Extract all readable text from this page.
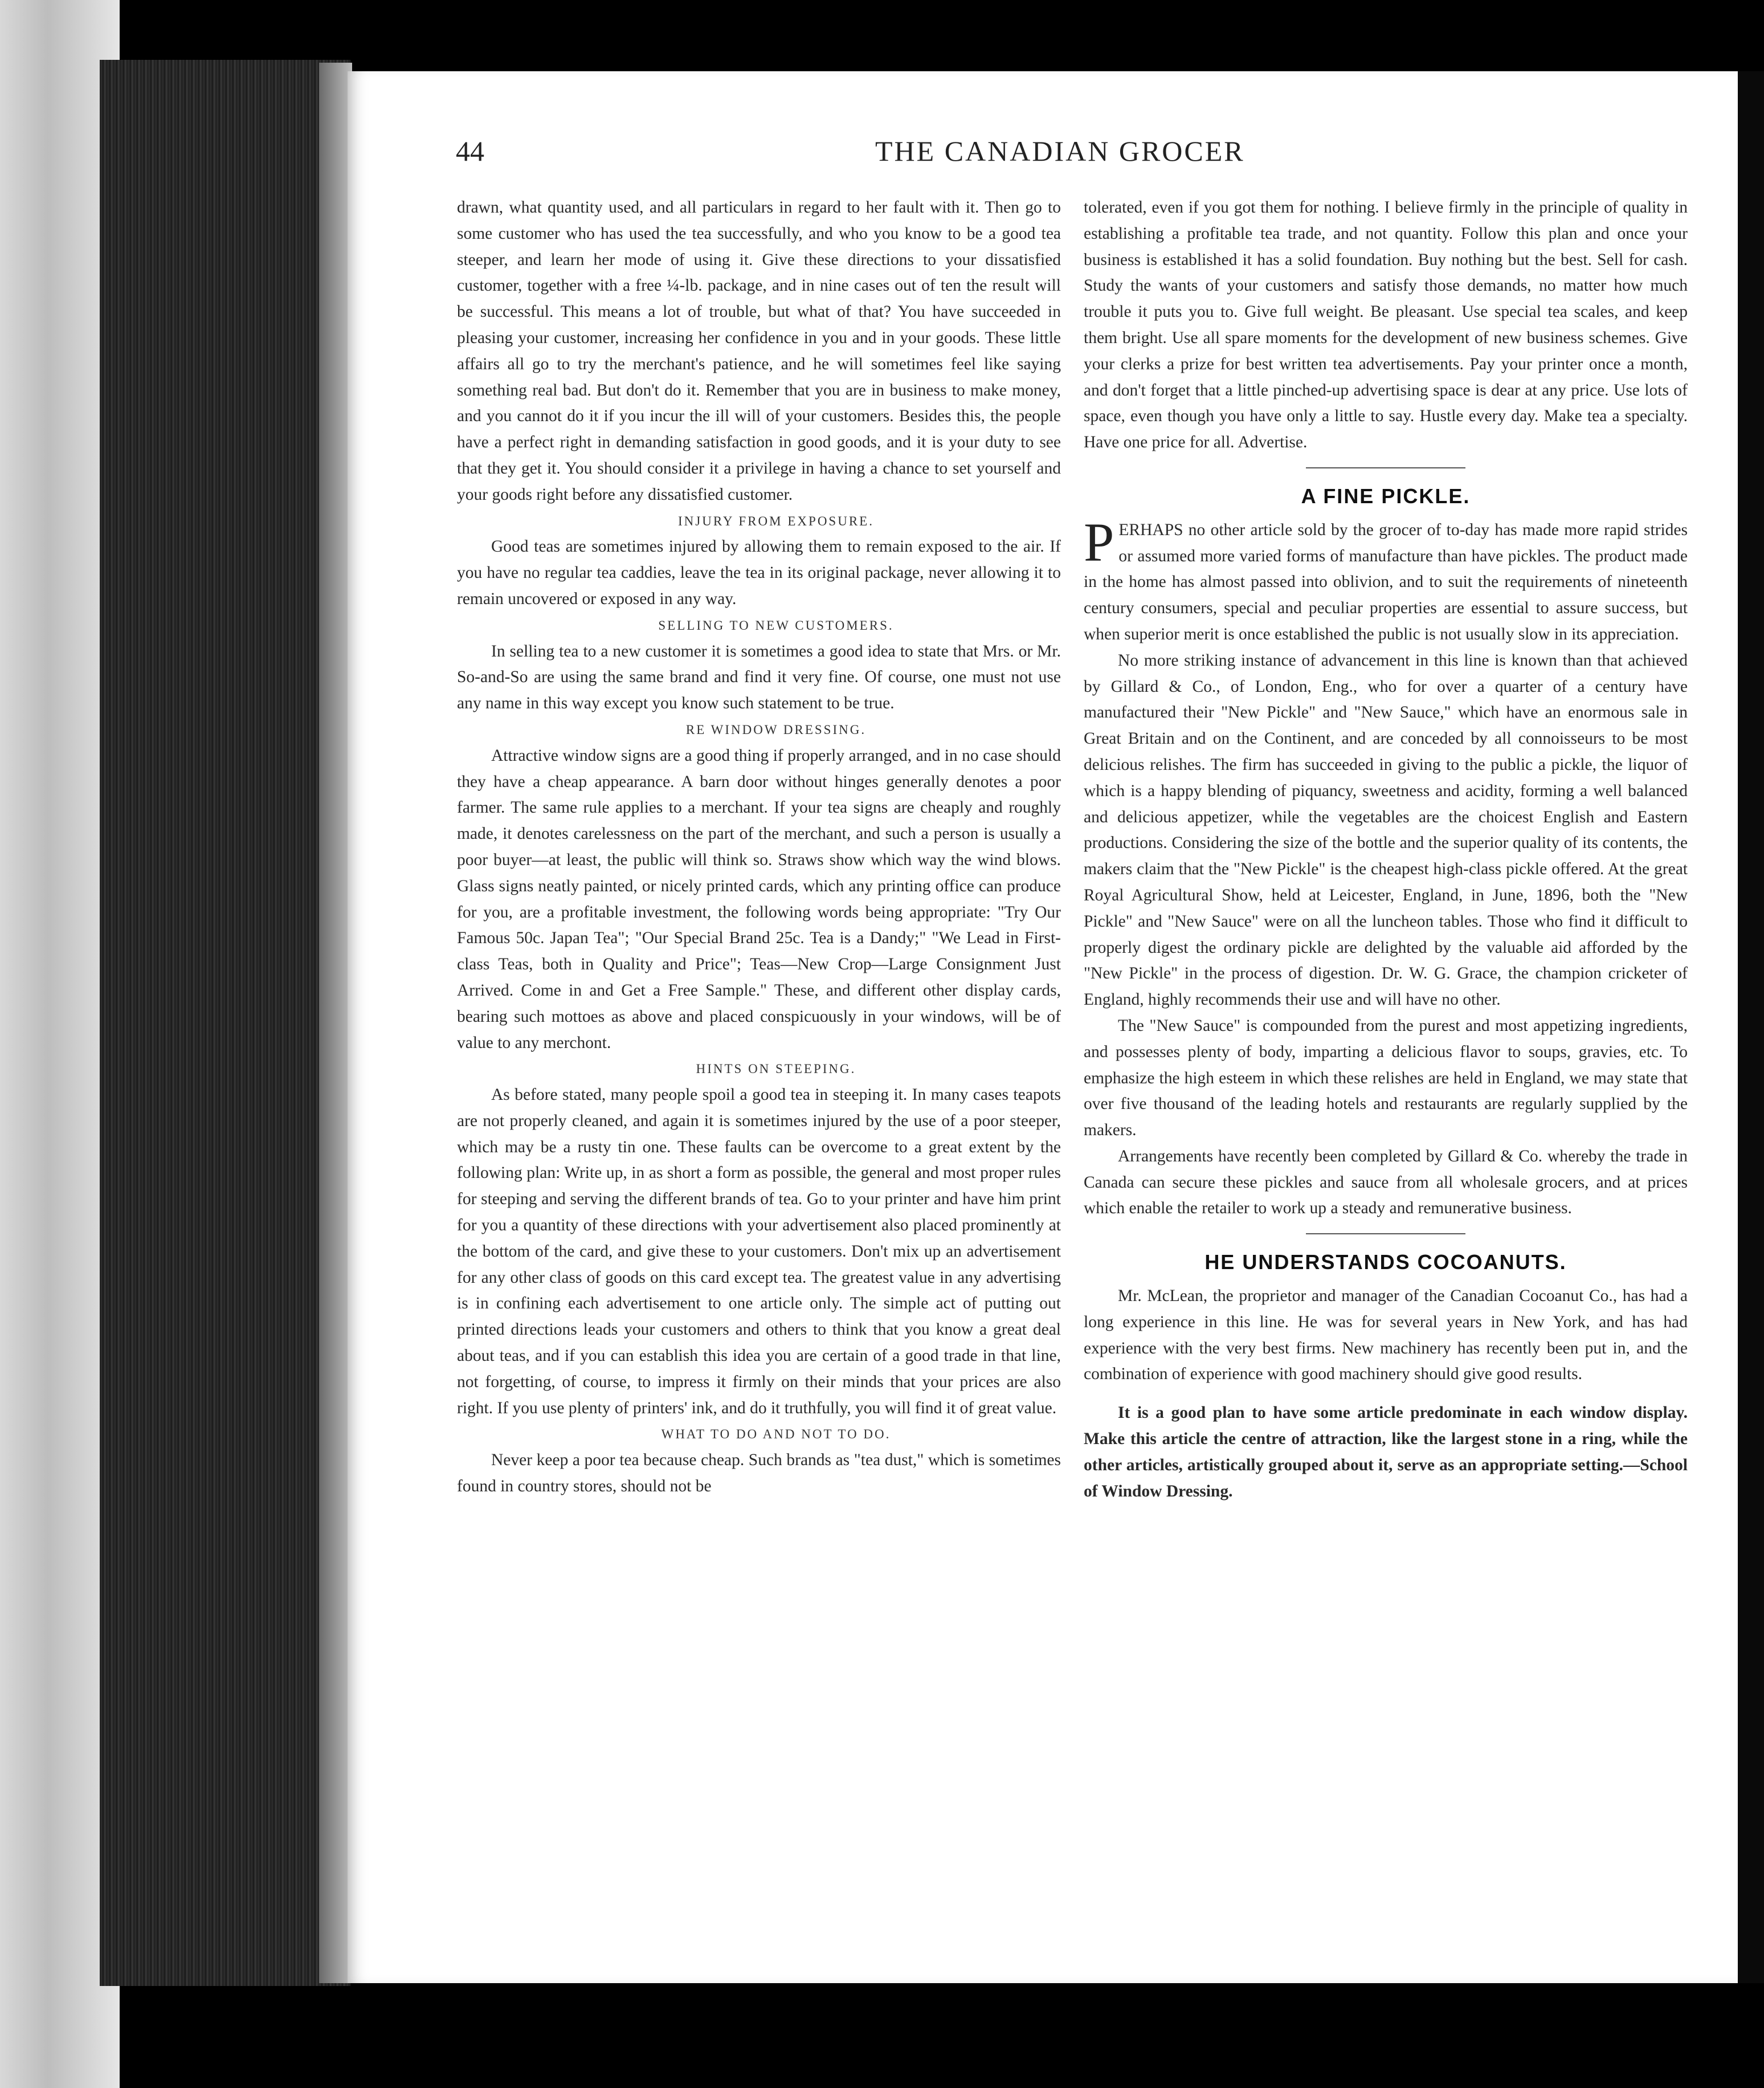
44	THE CANADIAN GROCER

drawn, what quantity used, and all particulars in regard to her fault with it. Then go to some customer who has used the tea successfully, and who you know to be a good tea steeper, and learn her mode of using it. Give these directions to your dissatisfied customer, together with a free ¼-lb. package, and in nine cases out of ten the result will be successful. This means a lot of trouble, but what of that? You have succeeded in pleasing your customer, increasing her confidence in you and in your goods. These little affairs all go to try the merchant's patience, and he will sometimes feel like saying something real bad. But don't do it. Remember that you are in business to make money, and you cannot do it if you incur the ill will of your customers. Besides this, the people have a perfect right in demanding satisfaction in good goods, and it is your duty to see that they get it. You should consider it a privilege in having a chance to set yourself and your goods right before any dissatisfied customer.

INJURY FROM EXPOSURE.

Good teas are sometimes injured by allowing them to remain exposed to the air. If you have no regular tea caddies, leave the tea in its original package, never allowing it to remain uncovered or exposed in any way.

SELLING TO NEW CUSTOMERS.

In selling tea to a new customer it is sometimes a good idea to state that Mrs. or Mr. So-and-So are using the same brand and find it very fine. Of course, one must not use any name in this way except you know such statement to be true.

RE WINDOW DRESSING.

Attractive window signs are a good thing if properly arranged, and in no case should they have a cheap appearance. A barn door without hinges generally denotes a poor farmer. The same rule applies to a merchant. If your tea signs are cheaply and roughly made, it denotes carelessness on the part of the merchant, and such a person is usually a poor buyer—at least, the public will think so. Straws show which way the wind blows. Glass signs neatly painted, or nicely printed cards, which any printing office can produce for you, are a profitable investment, the following words being appropriate: "Try Our Famous 50c. Japan Tea"; "Our Special Brand 25c. Tea is a Dandy;" "We Lead in First-class Teas, both in Quality and Price"; Teas—New Crop—Large Consignment Just Arrived. Come in and Get a Free Sample." These, and different other display cards, bearing such mottoes as above and placed conspicuously in your windows, will be of value to any merchont.

HINTS ON STEEPING.

As before stated, many people spoil a good tea in steeping it. In many cases teapots are not properly cleaned, and again it is sometimes injured by the use of a poor steeper, which may be a rusty tin one. These faults can be overcome to a great extent by the following plan: Write up, in as short a form as possible, the general and most proper rules for steeping and serving the different brands of tea. Go to your printer and have him print for you a quantity of these directions with your advertisement also placed prominently at the bottom of the card, and give these to your customers. Don't mix up an advertisement for any other class of goods on this card except tea. The greatest value in any advertising is in confining each advertisement to one article only. The simple act of putting out printed directions leads your customers and others to think that you know a great deal about teas, and if you can establish this idea you are certain of a good trade in that line, not forgetting, of course, to impress it firmly on their minds that your prices are also right. If you use plenty of printers' ink, and do it truthfully, you will find it of great value.

WHAT TO DO AND NOT TO DO.

Never keep a poor tea because cheap. Such brands as "tea dust," which is sometimes found in country stores, should not be

tolerated, even if you got them for nothing. I believe firmly in the principle of quality in establishing a profitable tea trade, and not quantity. Follow this plan and once your business is established it has a solid foundation. Buy nothing but the best. Sell for cash. Study the wants of your customers and satisfy those demands, no matter how much trouble it puts you to. Give full weight. Be pleasant. Use special tea scales, and keep them bright. Use all spare moments for the development of new business schemes. Give your clerks a prize for best written tea advertisements. Pay your printer once a month, and don't forget that a little pinched-up advertising space is dear at any price. Use lots of space, even though you have only a little to say. Hustle every day. Make tea a specialty. Have one price for all. Advertise.

A FINE PICKLE.

PERHAPS no other article sold by the grocer of to-day has made more rapid strides or assumed more varied forms of manufacture than have pickles. The product made in the home has almost passed into oblivion, and to suit the requirements of nineteenth century consumers, special and peculiar properties are essential to assure success, but when superior merit is once established the public is not usually slow in its appreciation.

No more striking instance of advancement in this line is known than that achieved by Gillard & Co., of London, Eng., who for over a quarter of a century have manufactured their "New Pickle" and "New Sauce," which have an enormous sale in Great Britain and on the Continent, and are conceded by all connoisseurs to be most delicious relishes. The firm has succeeded in giving to the public a pickle, the liquor of which is a happy blending of piquancy, sweetness and acidity, forming a well balanced and delicious appetizer, while the vegetables are the choicest English and Eastern productions. Considering the size of the bottle and the superior quality of its contents, the makers claim that the "New Pickle" is the cheapest high-class pickle offered. At the great Royal Agricultural Show, held at Leicester, England, in June, 1896, both the "New Pickle" and "New Sauce" were on all the luncheon tables. Those who find it difficult to properly digest the ordinary pickle are delighted by the valuable aid afforded by the "New Pickle" in the process of digestion. Dr. W. G. Grace, the champion cricketer of England, highly recommends their use and will have no other.

The "New Sauce" is compounded from the purest and most appetizing ingredients, and possesses plenty of body, imparting a delicious flavor to soups, gravies, etc. To emphasize the high esteem in which these relishes are held in England, we may state that over five thousand of the leading hotels and restaurants are regularly supplied by the makers.

Arrangements have recently been completed by Gillard & Co. whereby the trade in Canada can secure these pickles and sauce from all wholesale grocers, and at prices which enable the retailer to work up a steady and remunerative business.

HE UNDERSTANDS COCOANUTS.

Mr. McLean, the proprietor and manager of the Canadian Cocoanut Co., has had a long experience in this line. He was for several years in New York, and has had experience with the very best firms. New machinery has recently been put in, and the combination of experience with good machinery should give good results.

It is a good plan to have some article predominate in each window display. Make this article the centre of attraction, like the largest stone in a ring, while the other articles, artistically grouped about it, serve as an appropriate setting.—School of Window Dressing.
